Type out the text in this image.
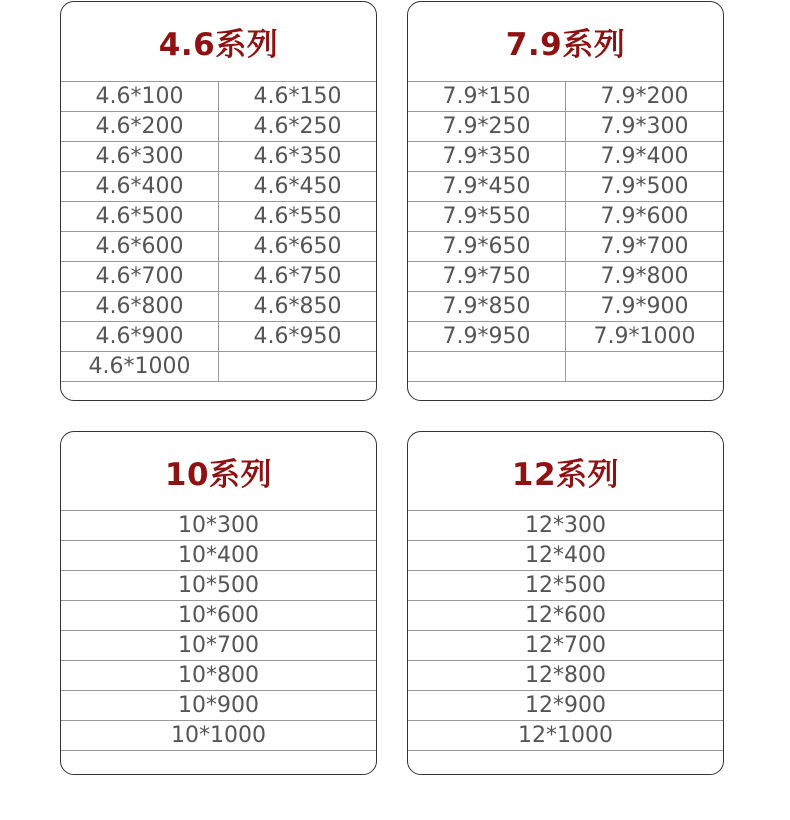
4.6系列
4.6*100	4.6*150
4.6*200	4.6*250
4.6*300	4.6*350
4.6*400	4.6*450
4.6*500	4.6*550
4.6*600	4.6*650
4.6*700	4.6*750
4.6*800	4.6*850
4.6*900	4.6*950
4.6*1000
7.9系列
7.9*150	7.9*200
7.9*250	7.9*300
7.9*350	7.9*400
7.9*450	7.9*500
7.9*550	7.9*600
7.9*650	7.9*700
7.9*750	7.9*800
7.9*850	7.9*900
7.9*950	7.9*1000
10系列
10*300
10*400
10*500
10*600
10*700
10*800
10*900
10*1000
12系列
12*300
12*400
12*500
12*600
12*700
12*800
12*900
12*1000
